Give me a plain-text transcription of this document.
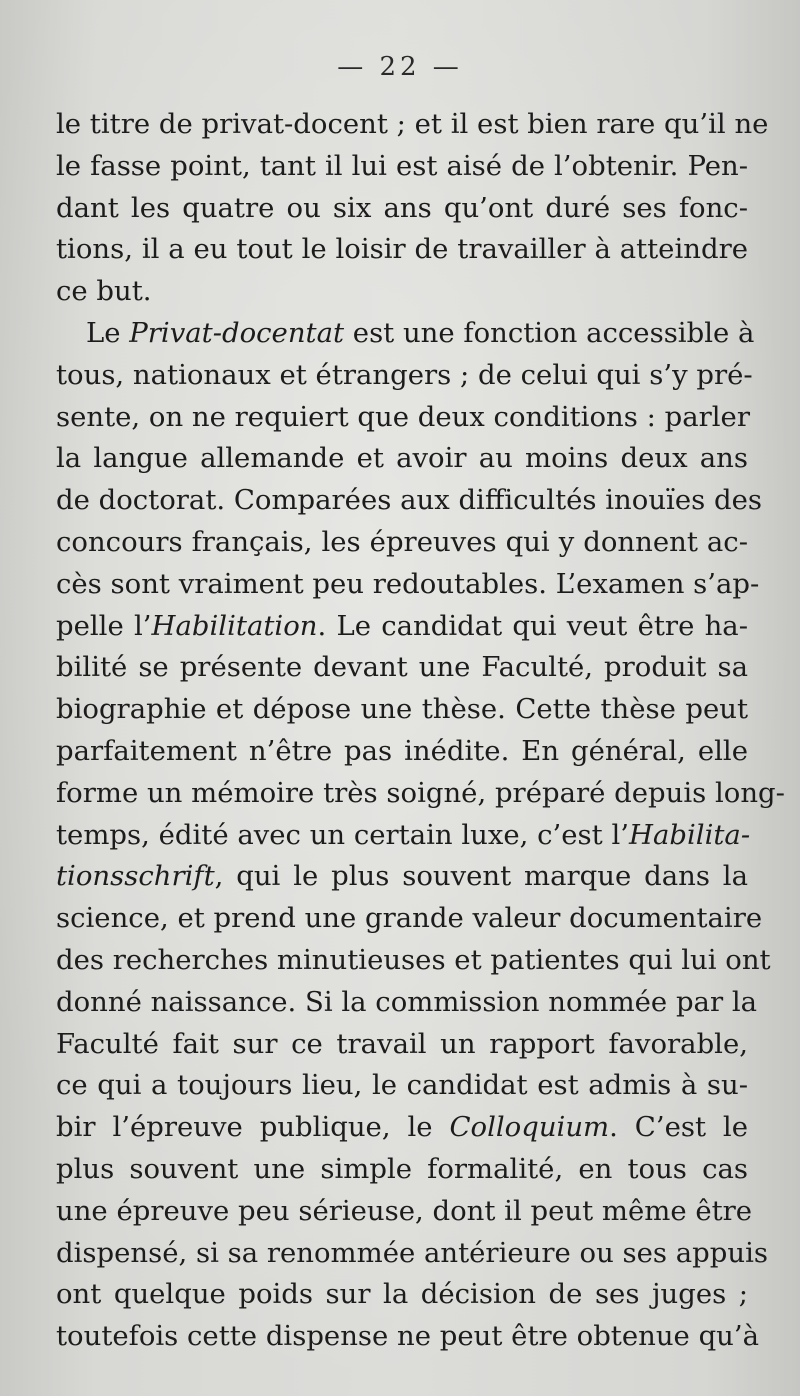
— 22 —
le titre de privat-docent ; et il est bien rare qu’il ne
le fasse point, tant il lui est aisé de l’obtenir. Pen-
dant les quatre ou six ans qu’ont duré ses fonc-
tions, il a eu tout le loisir de travailler à atteindre
ce but.
Le Privat-docentat est une fonction accessible à
tous, nationaux et étrangers ; de celui qui s’y pré-
sente, on ne requiert que deux conditions : parler
la langue allemande et avoir au moins deux ans
de doctorat. Comparées aux difficultés inouïes des
concours français, les épreuves qui y donnent ac-
cès sont vraiment peu redoutables. L’examen s’ap-
pelle l’Habilitation. Le candidat qui veut être ha-
bilité se présente devant une Faculté, produit sa
biographie et dépose une thèse. Cette thèse peut
parfaitement n’être pas inédite. En général, elle
forme un mémoire très soigné, préparé depuis long-
temps, édité avec un certain luxe, c’est l’Habilita-
tionsschrift, qui le plus souvent marque dans la
science, et prend une grande valeur documentaire
des recherches minutieuses et patientes qui lui ont
donné naissance. Si la commission nommée par la
Faculté fait sur ce travail un rapport favorable,
ce qui a toujours lieu, le candidat est admis à su-
bir l’épreuve publique, le Colloquium. C’est le
plus souvent une simple formalité, en tous cas
une épreuve peu sérieuse, dont il peut même être
dispensé, si sa renommée antérieure ou ses appuis
ont quelque poids sur la décision de ses juges ;
toutefois cette dispense ne peut être obtenue qu’à
